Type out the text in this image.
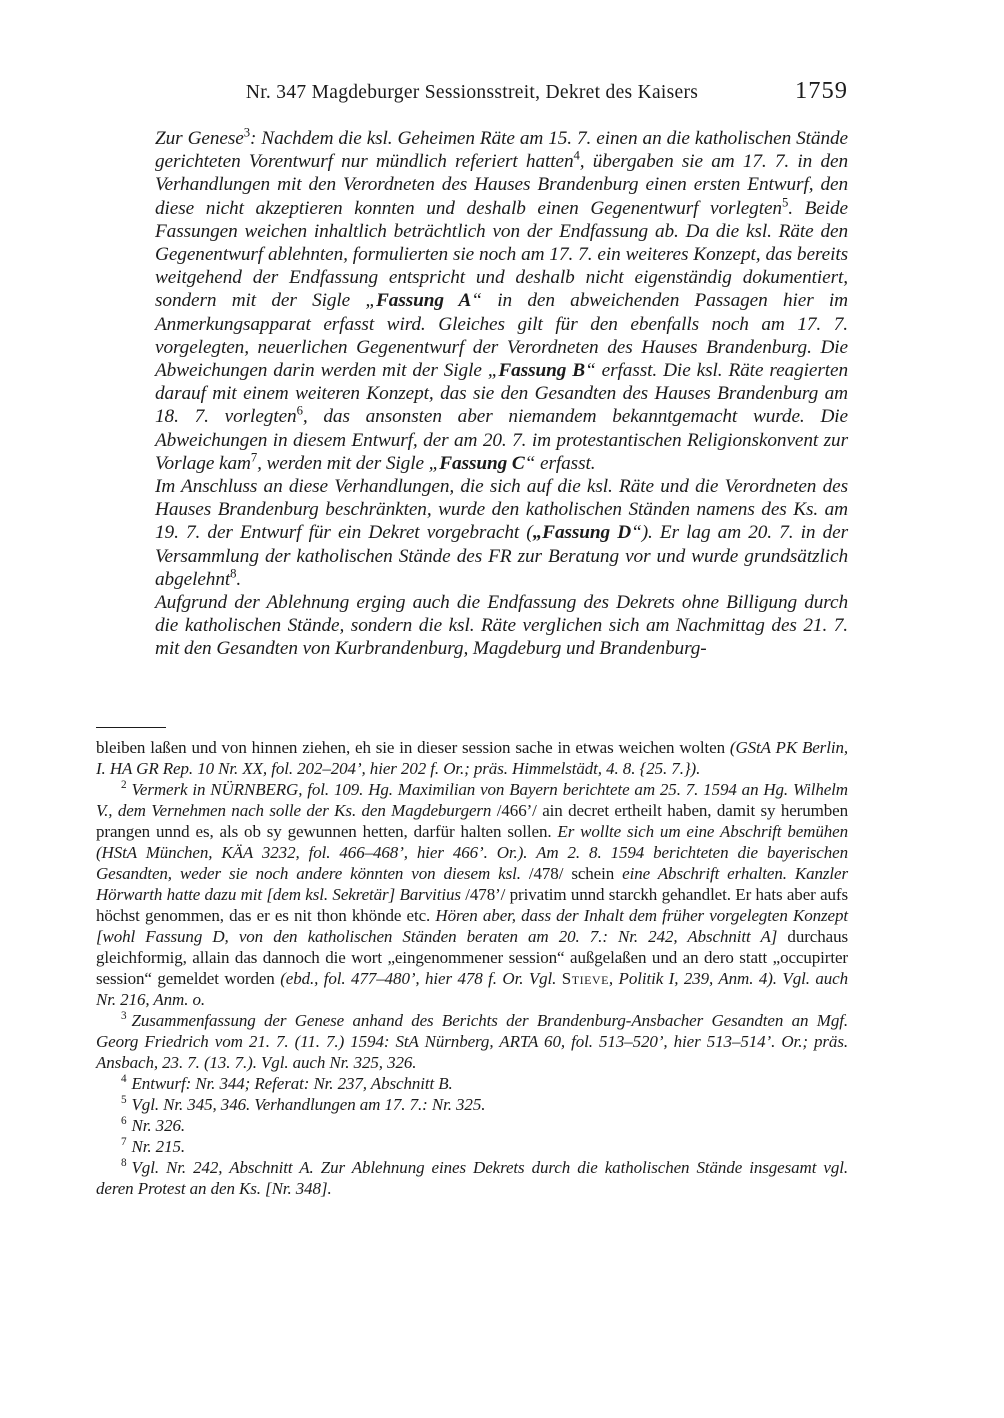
Nr. 347 Magdeburger Sessionsstreit, Dekret des Kaisers	1759

Zur Genese$^3$: Nachdem die ksl. Geheimen Räte am 15. 7. einen an die katholischen Stände gerichteten Vorentwurf nur mündlich referiert hatten$^4$, übergaben sie am 17. 7. in den Verhandlungen mit den Verordneten des Hauses Brandenburg einen ersten Entwurf, den diese nicht akzeptieren konnten und deshalb einen Gegenentwurf vorlegten$^5$. Beide Fassungen weichen inhaltlich beträchtlich von der Endfassung ab. Da die ksl. Räte den Gegenentwurf ablehnten, formulierten sie noch am 17. 7. ein weiteres Konzept, das bereits weitgehend der Endfassung entspricht und deshalb nicht eigenständig dokumentiert, sondern mit der Sigle „Fassung A“ in den abweichenden Passagen hier im Anmerkungsapparat erfasst wird. Gleiches gilt für den ebenfalls noch am 17. 7. vorgelegten, neuerlichen Gegenentwurf der Verordneten des Hauses Brandenburg. Die Abweichungen darin werden mit der Sigle „Fassung B“ erfasst. Die ksl. Räte reagierten darauf mit einem weiteren Konzept, das sie den Gesandten des Hauses Brandenburg am 18. 7. vorlegten$^6$, das ansonsten aber niemandem bekanntgemacht wurde. Die Abweichungen in diesem Entwurf, der am 20. 7. im protestantischen Religionskonvent zur Vorlage kam$^7$, werden mit der Sigle „Fassung C“ erfasst.

Im Anschluss an diese Verhandlungen, die sich auf die ksl. Räte und die Verordneten des Hauses Brandenburg beschränkten, wurde den katholischen Ständen namens des Ks. am 19. 7. der Entwurf für ein Dekret vorgebracht („Fassung D“). Er lag am 20. 7. in der Versammlung der katholischen Stände des FR zur Beratung vor und wurde grundsätzlich abgelehnt$^8$.

Aufgrund der Ablehnung erging auch die Endfassung des Dekrets ohne Billigung durch die katholischen Stände, sondern die ksl. Räte verglichen sich am Nachmittag des 21. 7. mit den Gesandten von Kurbrandenburg, Magdeburg und Brandenburg-

bleiben laßen und von hinnen ziehen, eh sie in dieser session sache in etwas weichen wolten (GStA PK Berlin, I. HA GR Rep. 10 Nr. XX, fol. 202–204’, hier 202 f. Or.; präs. Himmelstädt, 4. 8. {25. 7.}).

$^2$ Vermerk in NÜRNBERG, fol. 109. Hg. Maximilian von Bayern berichtete am 25. 7. 1594 an Hg. Wilhelm V., dem Vernehmen nach solle der Ks. den Magdeburgern /466’/ ain decret ertheilt haben, damit sy herumben prangen unnd es, als ob sy gewunnen hetten, darfür halten sollen. Er wollte sich um eine Abschrift bemühen (HStA München, KÄA 3232, fol. 466–468’, hier 466’. Or.). Am 2. 8. 1594 berichteten die bayerischen Gesandten, weder sie noch andere könnten von diesem ksl. /478/ schein eine Abschrift erhalten. Kanzler Hörwarth hatte dazu mit [dem ksl. Sekretär] Barvitius /478’/ privatim unnd starckh gehandlet. Er hats aber aufs höchst genommen, das er es nit thon khönde etc. Hören aber, dass der Inhalt dem früher vorgelegten Konzept [wohl Fassung D, von den katholischen Ständen beraten am 20. 7.: Nr. 242, Abschnitt A] durchaus gleichformig, allain das dannoch die wort „eingenommener session“ außgelaßen und an dero statt „occupirter session“ gemeldet worden (ebd., fol. 477–480’, hier 478 f. Or. Vgl. Stieve, Politik I, 239, Anm. 4). Vgl. auch Nr. 216, Anm. o.

$^3$ Zusammenfassung der Genese anhand des Berichts der Brandenburg-Ansbacher Gesandten an Mgf. Georg Friedrich vom 21. 7. (11. 7.) 1594: StA Nürnberg, ARTA 60, fol. 513–520’, hier 513–514’. Or.; präs. Ansbach, 23. 7. (13. 7.). Vgl. auch Nr. 325, 326.

$^4$ Entwurf: Nr. 344; Referat: Nr. 237, Abschnitt B.

$^5$ Vgl. Nr. 345, 346. Verhandlungen am 17. 7.: Nr. 325.

$^6$ Nr. 326.

$^7$ Nr. 215.

$^8$ Vgl. Nr. 242, Abschnitt A. Zur Ablehnung eines Dekrets durch die katholischen Stände insgesamt vgl. deren Protest an den Ks. [Nr. 348].
